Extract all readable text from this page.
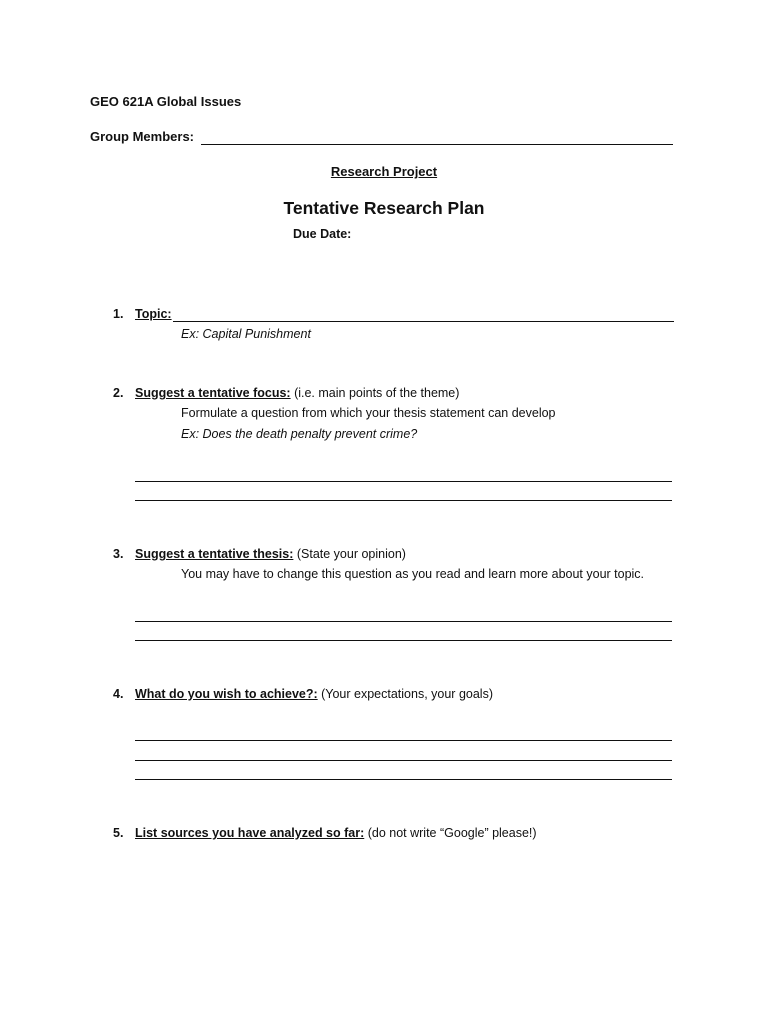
GEO 621A Global Issues
Group Members:
Research Project
Tentative Research Plan
Due Date:
1. Topic:
Ex: Capital Punishment
2. Suggest a tentative focus: (i.e. main points of the theme)
Formulate a question from which your thesis statement can develop
Ex: Does the death penalty prevent crime?
3. Suggest a tentative thesis: (State your opinion)
You may have to change this question as you read and learn more about your topic.
4. What do you wish to achieve?: (Your expectations, your goals)
5. List sources you have analyzed so far: (do not write “Google” please!)
